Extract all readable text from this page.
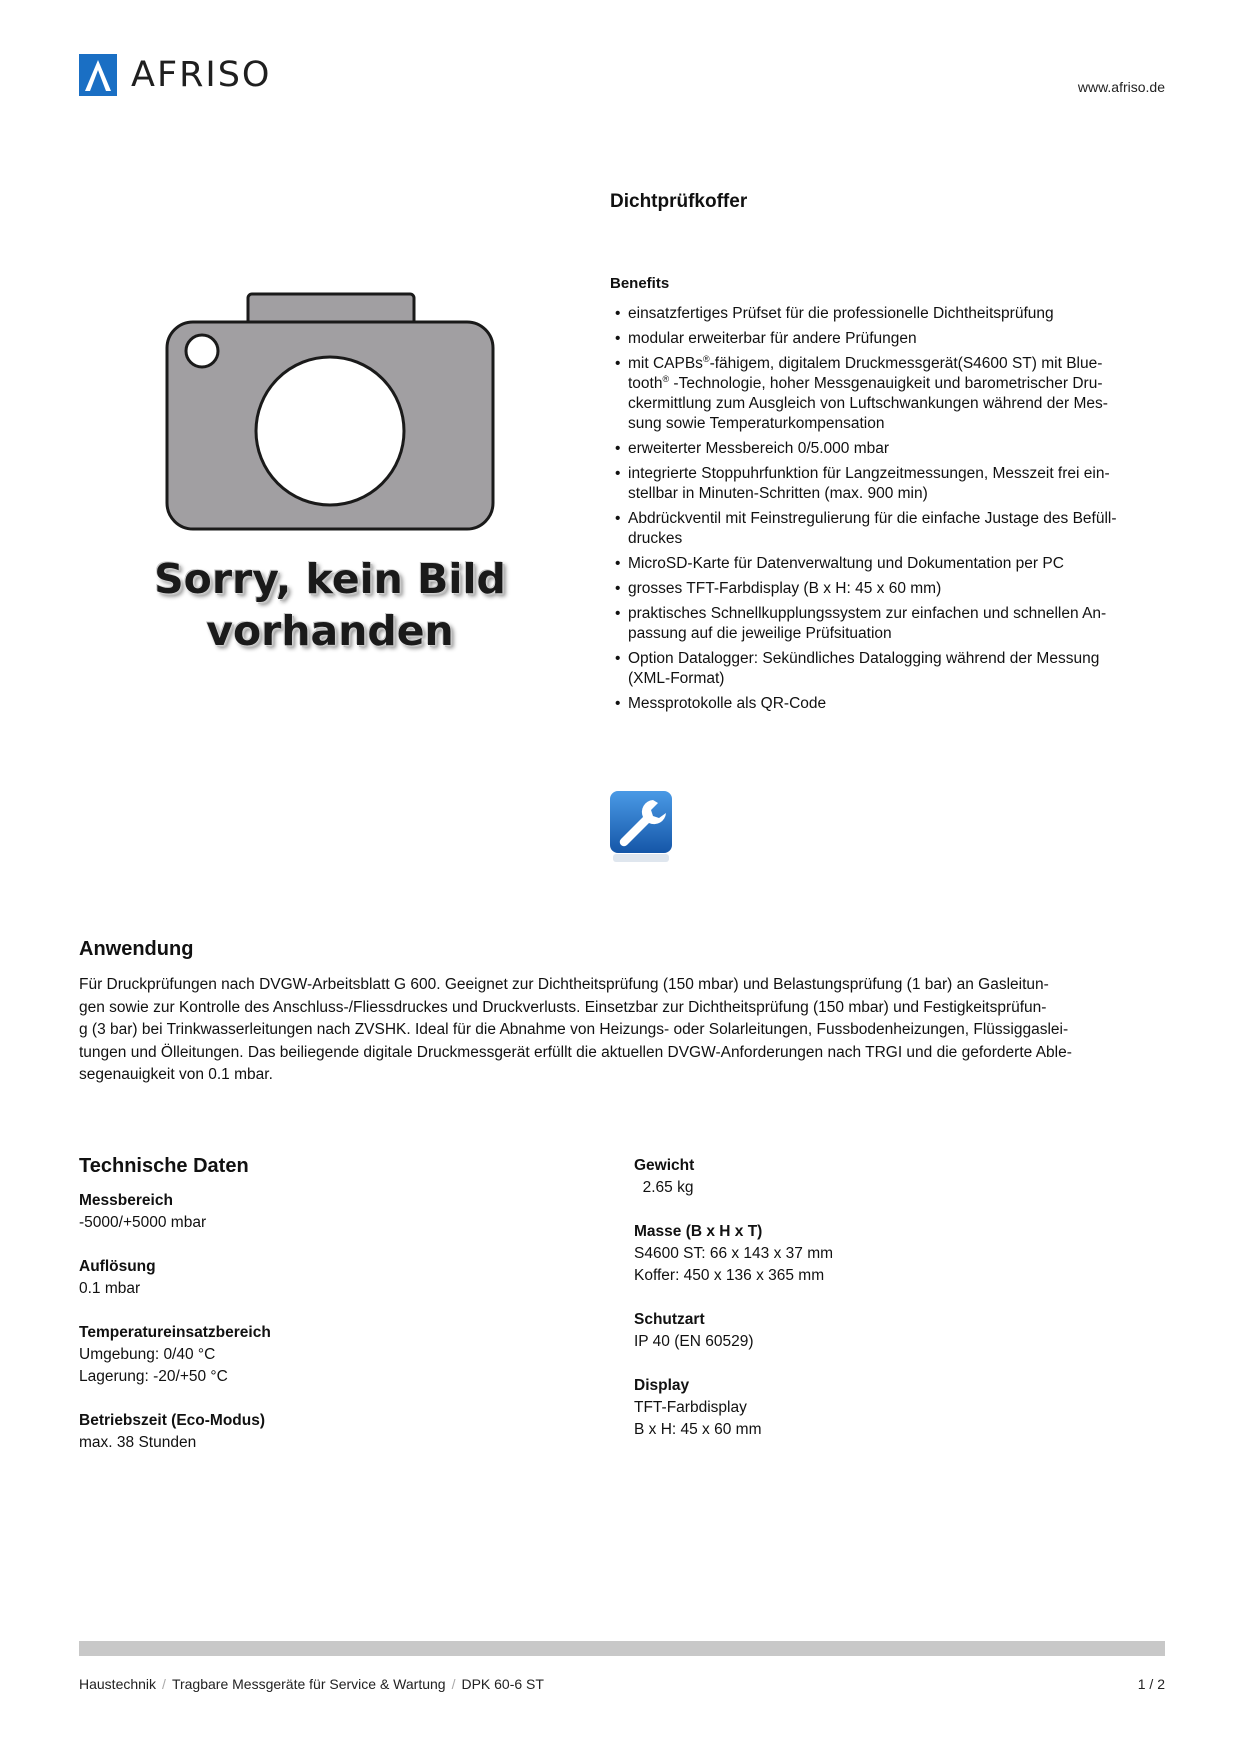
AFRISO	www.afriso.de
Dichtprüfkoffer
Sorry, kein Bild
vorhanden
Benefits
• einsatzfertiges Prüfset für die professionelle Dichtheitsprüfung
• modular erweiterbar für andere Prüfungen
• mit CAPBs®-fähigem, digitalem Druckmessgerät(S4600 ST) mit Blue-
tooth® -Technologie, hoher Messgenauigkeit und barometrischer Dru-
ckermittlung zum Ausgleich von Luftschwankungen während der Mes-
sung sowie Temperaturkompensation
• erweiterter Messbereich 0/5.000 mbar
• integrierte Stoppuhrfunktion für Langzeitmessungen, Messzeit frei ein-
stellbar in Minuten-Schritten (max. 900 min)
• Abdrückventil mit Feinstregulierung für die einfache Justage des Befüll-
druckes
• MicroSD-Karte für Datenverwaltung und Dokumentation per PC
• grosses TFT-Farbdisplay (B x H: 45 x 60 mm)
• praktisches Schnellkupplungssystem zur einfachen und schnellen An-
passung auf die jeweilige Prüfsituation
• Option Datalogger: Sekündliches Datalogging während der Messung
(XML-Format)
• Messprotokolle als QR-Code
Anwendung

Für Druckprüfungen nach DVGW-Arbeitsblatt G 600. Geeignet zur Dichtheitsprüfung (150 mbar) und Belastungsprüfung (1 bar) an Gasleitun-
gen sowie zur Kontrolle des Anschluss-/Fliessdruckes und Druckverlusts. Einsetzbar zur Dichtheitsprüfung (150 mbar) und Festigkeitsprüfun-
g (3 bar) bei Trinkwasserleitungen nach ZVSHK. Ideal für die Abnahme von Heizungs- oder Solarleitungen, Fussbodenheizungen, Flüssiggaslei-
tungen und Ölleitungen. Das beiliegende digitale Druckmessgerät erfüllt die aktuellen DVGW-Anforderungen nach TRGI und die geforderte Able-
segenauigkeit von 0.1 mbar.

Technische Daten
Messbereich
-5000/+5000 mbar
Auflösung
0.1 mbar
Temperatureinsatzbereich
Umgebung: 0/40 °C
Lagerung: -20/+50 °C
Betriebszeit (Eco-Modus)
max. 38 Stunden
Gewicht
2.65 kg
Masse (B x H x T)
S4600 ST: 66 x 143 x 37 mm
Koffer: 450 x 136 x 365 mm
Schutzart
IP 40 (EN 60529)
Display
TFT-Farbdisplay
B x H: 45 x 60 mm
Haustechnik / Tragbare Messgeräte für Service & Wartung / DPK 60-6 ST	1 / 2
